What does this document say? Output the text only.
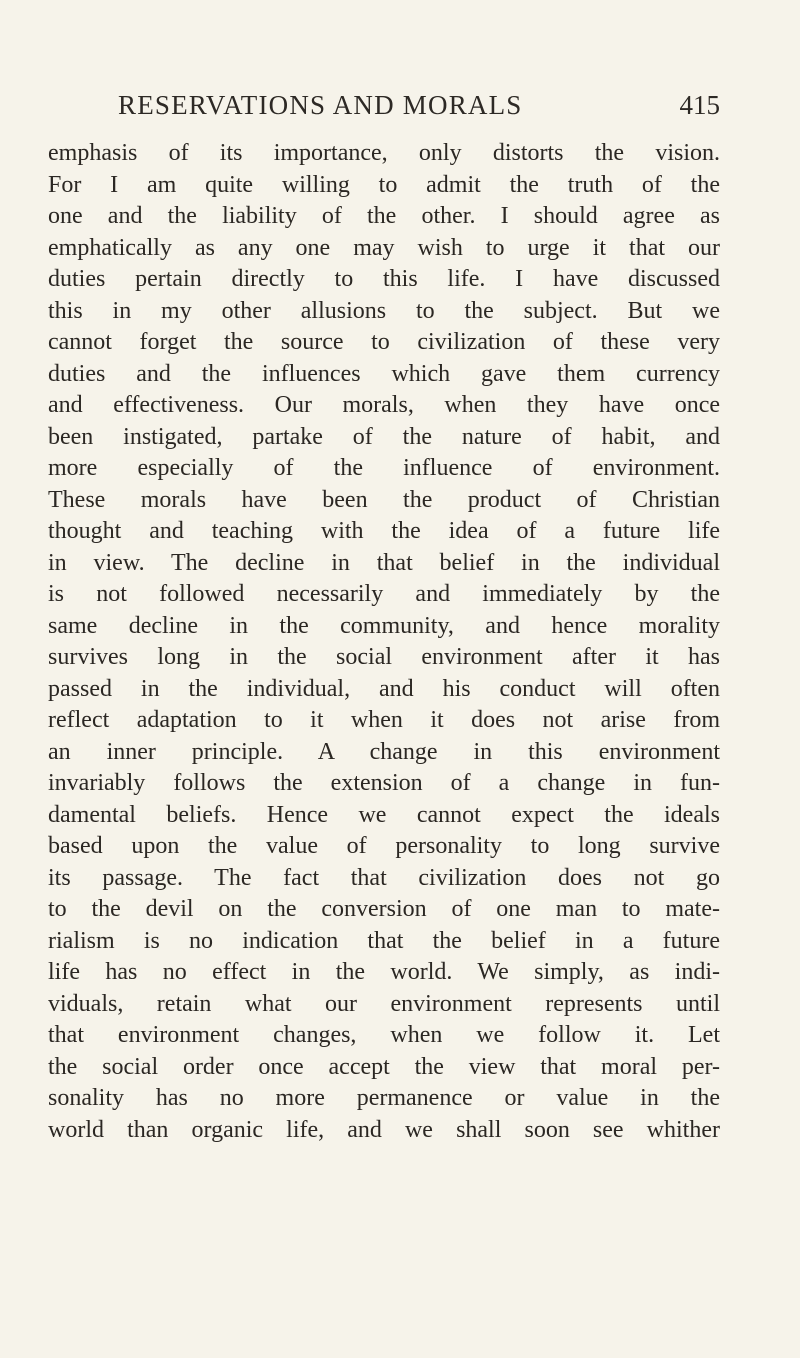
RESERVATIONS AND MORALS	415
emphasis of its importance, only distorts the vision.
For I am quite willing to admit the truth of the
one and the liability of the other. I should agree as
emphatically as any one may wish to urge it that our
duties pertain directly to this life. I have discussed
this in my other allusions to the subject. But we
cannot forget the source to civilization of these very
duties and the influences which gave them currency
and effectiveness. Our morals, when they have once
been instigated, partake of the nature of habit, and
more especially of the influence of environment.
These morals have been the product of Christian
thought and teaching with the idea of a future life
in view. The decline in that belief in the individual
is not followed necessarily and immediately by the
same decline in the community, and hence morality
survives long in the social environment after it has
passed in the individual, and his conduct will often
reflect adaptation to it when it does not arise from
an inner principle. A change in this environment
invariably follows the extension of a change in fun-
damental beliefs. Hence we cannot expect the ideals
based upon the value of personality to long survive
its passage. The fact that civilization does not go
to the devil on the conversion of one man to mate-
rialism is no indication that the belief in a future
life has no effect in the world. We simply, as indi-
viduals, retain what our environment represents until
that environment changes, when we follow it. Let
the social order once accept the view that moral per-
sonality has no more permanence or value in the
world than organic life, and we shall soon see whither
